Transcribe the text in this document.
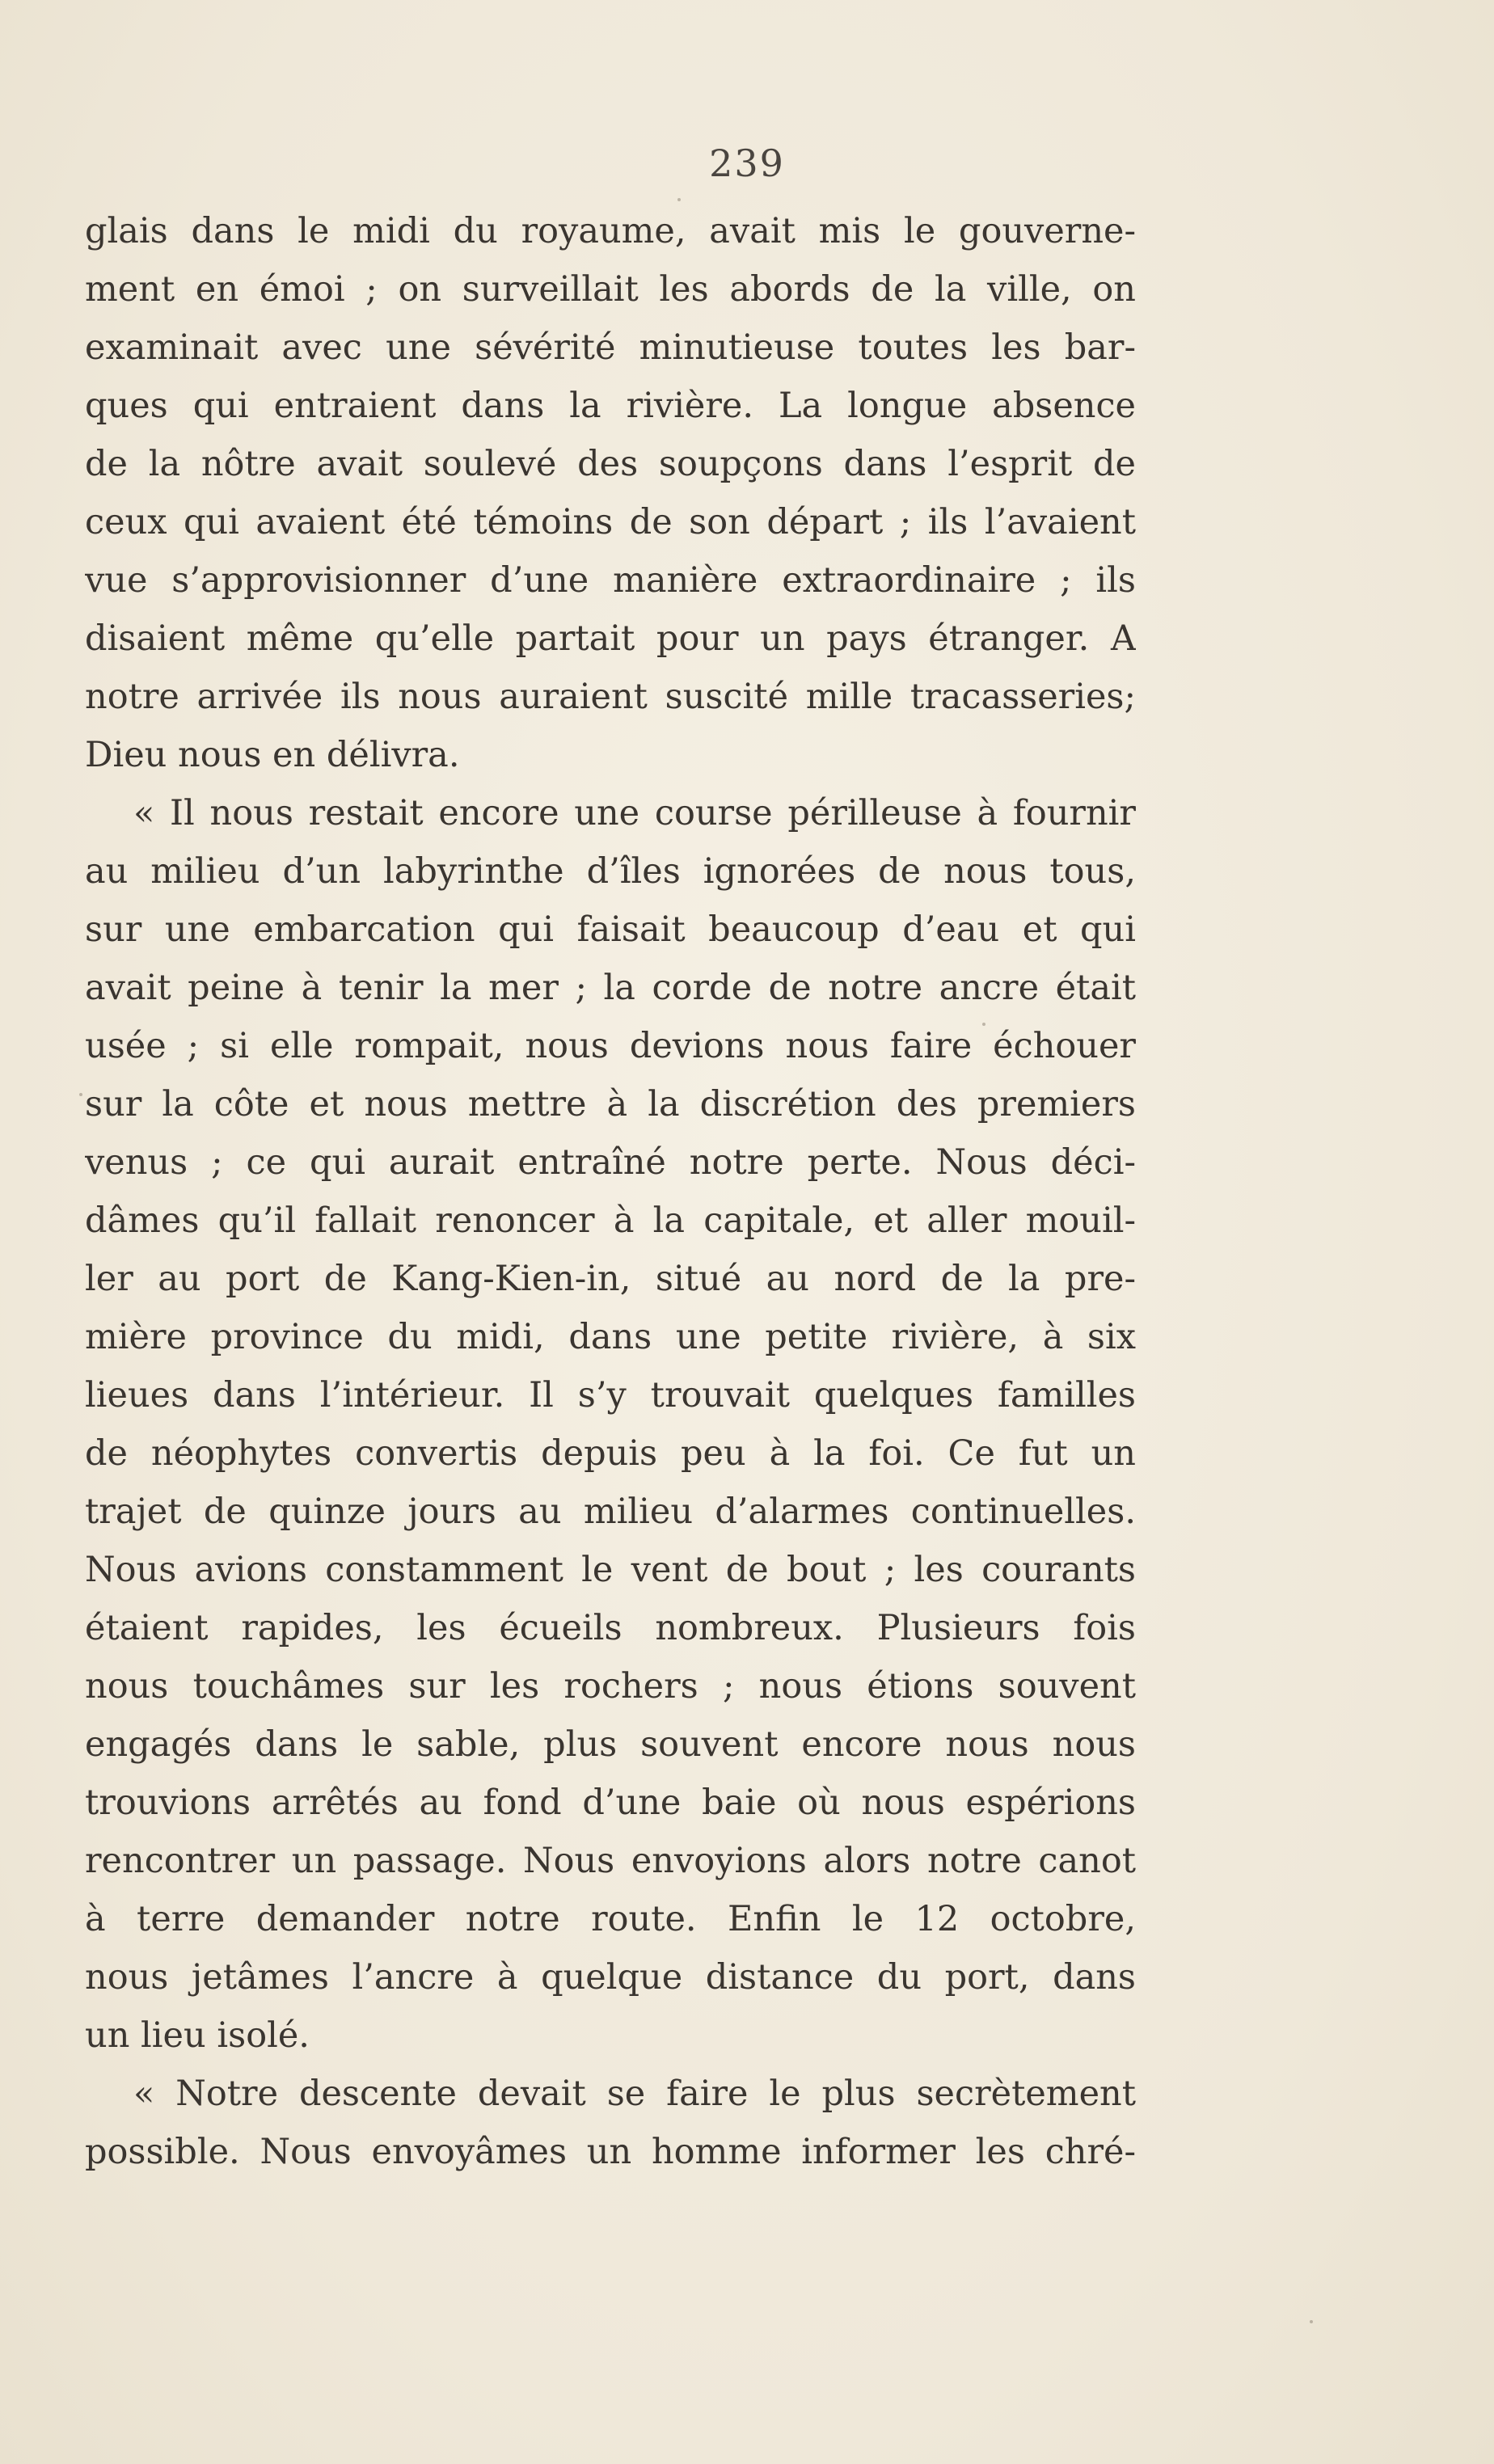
239
glais dans le midi du royaume, avait mis le gouverne-
ment en émoi ; on surveillait les abords de la ville, on
examinait avec une sévérité minutieuse toutes les bar-
ques qui entraient dans la rivière. La longue absence
de la nôtre avait soulevé des soupçons dans l’esprit de
ceux qui avaient été témoins de son départ ; ils l’avaient
vue s’approvisionner d’une manière extraordinaire ; ils
disaient même qu’elle partait pour un pays étranger. A
notre arrivée ils nous auraient suscité mille tracasseries;
Dieu nous en délivra.
« Il nous restait encore une course périlleuse à fournir
au milieu d’un labyrinthe d’îles ignorées de nous tous,
sur une embarcation qui faisait beaucoup d’eau et qui
avait peine à tenir la mer ; la corde de notre ancre était
usée ; si elle rompait, nous devions nous faire échouer
sur la côte et nous mettre à la discrétion des premiers
venus ; ce qui aurait entraîné notre perte. Nous déci-
dâmes qu’il fallait renoncer à la capitale, et aller mouil-
ler au port de Kang-Kien-in, situé au nord de la pre-
mière province du midi, dans une petite rivière, à six
lieues dans l’intérieur. Il s’y trouvait quelques familles
de néophytes convertis depuis peu à la foi. Ce fut un
trajet de quinze jours au milieu d’alarmes continuelles.
Nous avions constamment le vent de bout ; les courants
étaient rapides, les écueils nombreux. Plusieurs fois
nous touchâmes sur les rochers ; nous étions souvent
engagés dans le sable, plus souvent encore nous nous
trouvions arrêtés au fond d’une baie où nous espérions
rencontrer un passage. Nous envoyions alors notre canot
à terre demander notre route. Enfin le 12 octobre,
nous jetâmes l’ancre à quelque distance du port, dans
un lieu isolé.
« Notre descente devait se faire le plus secrètement
possible. Nous envoyâmes un homme informer les chré-
